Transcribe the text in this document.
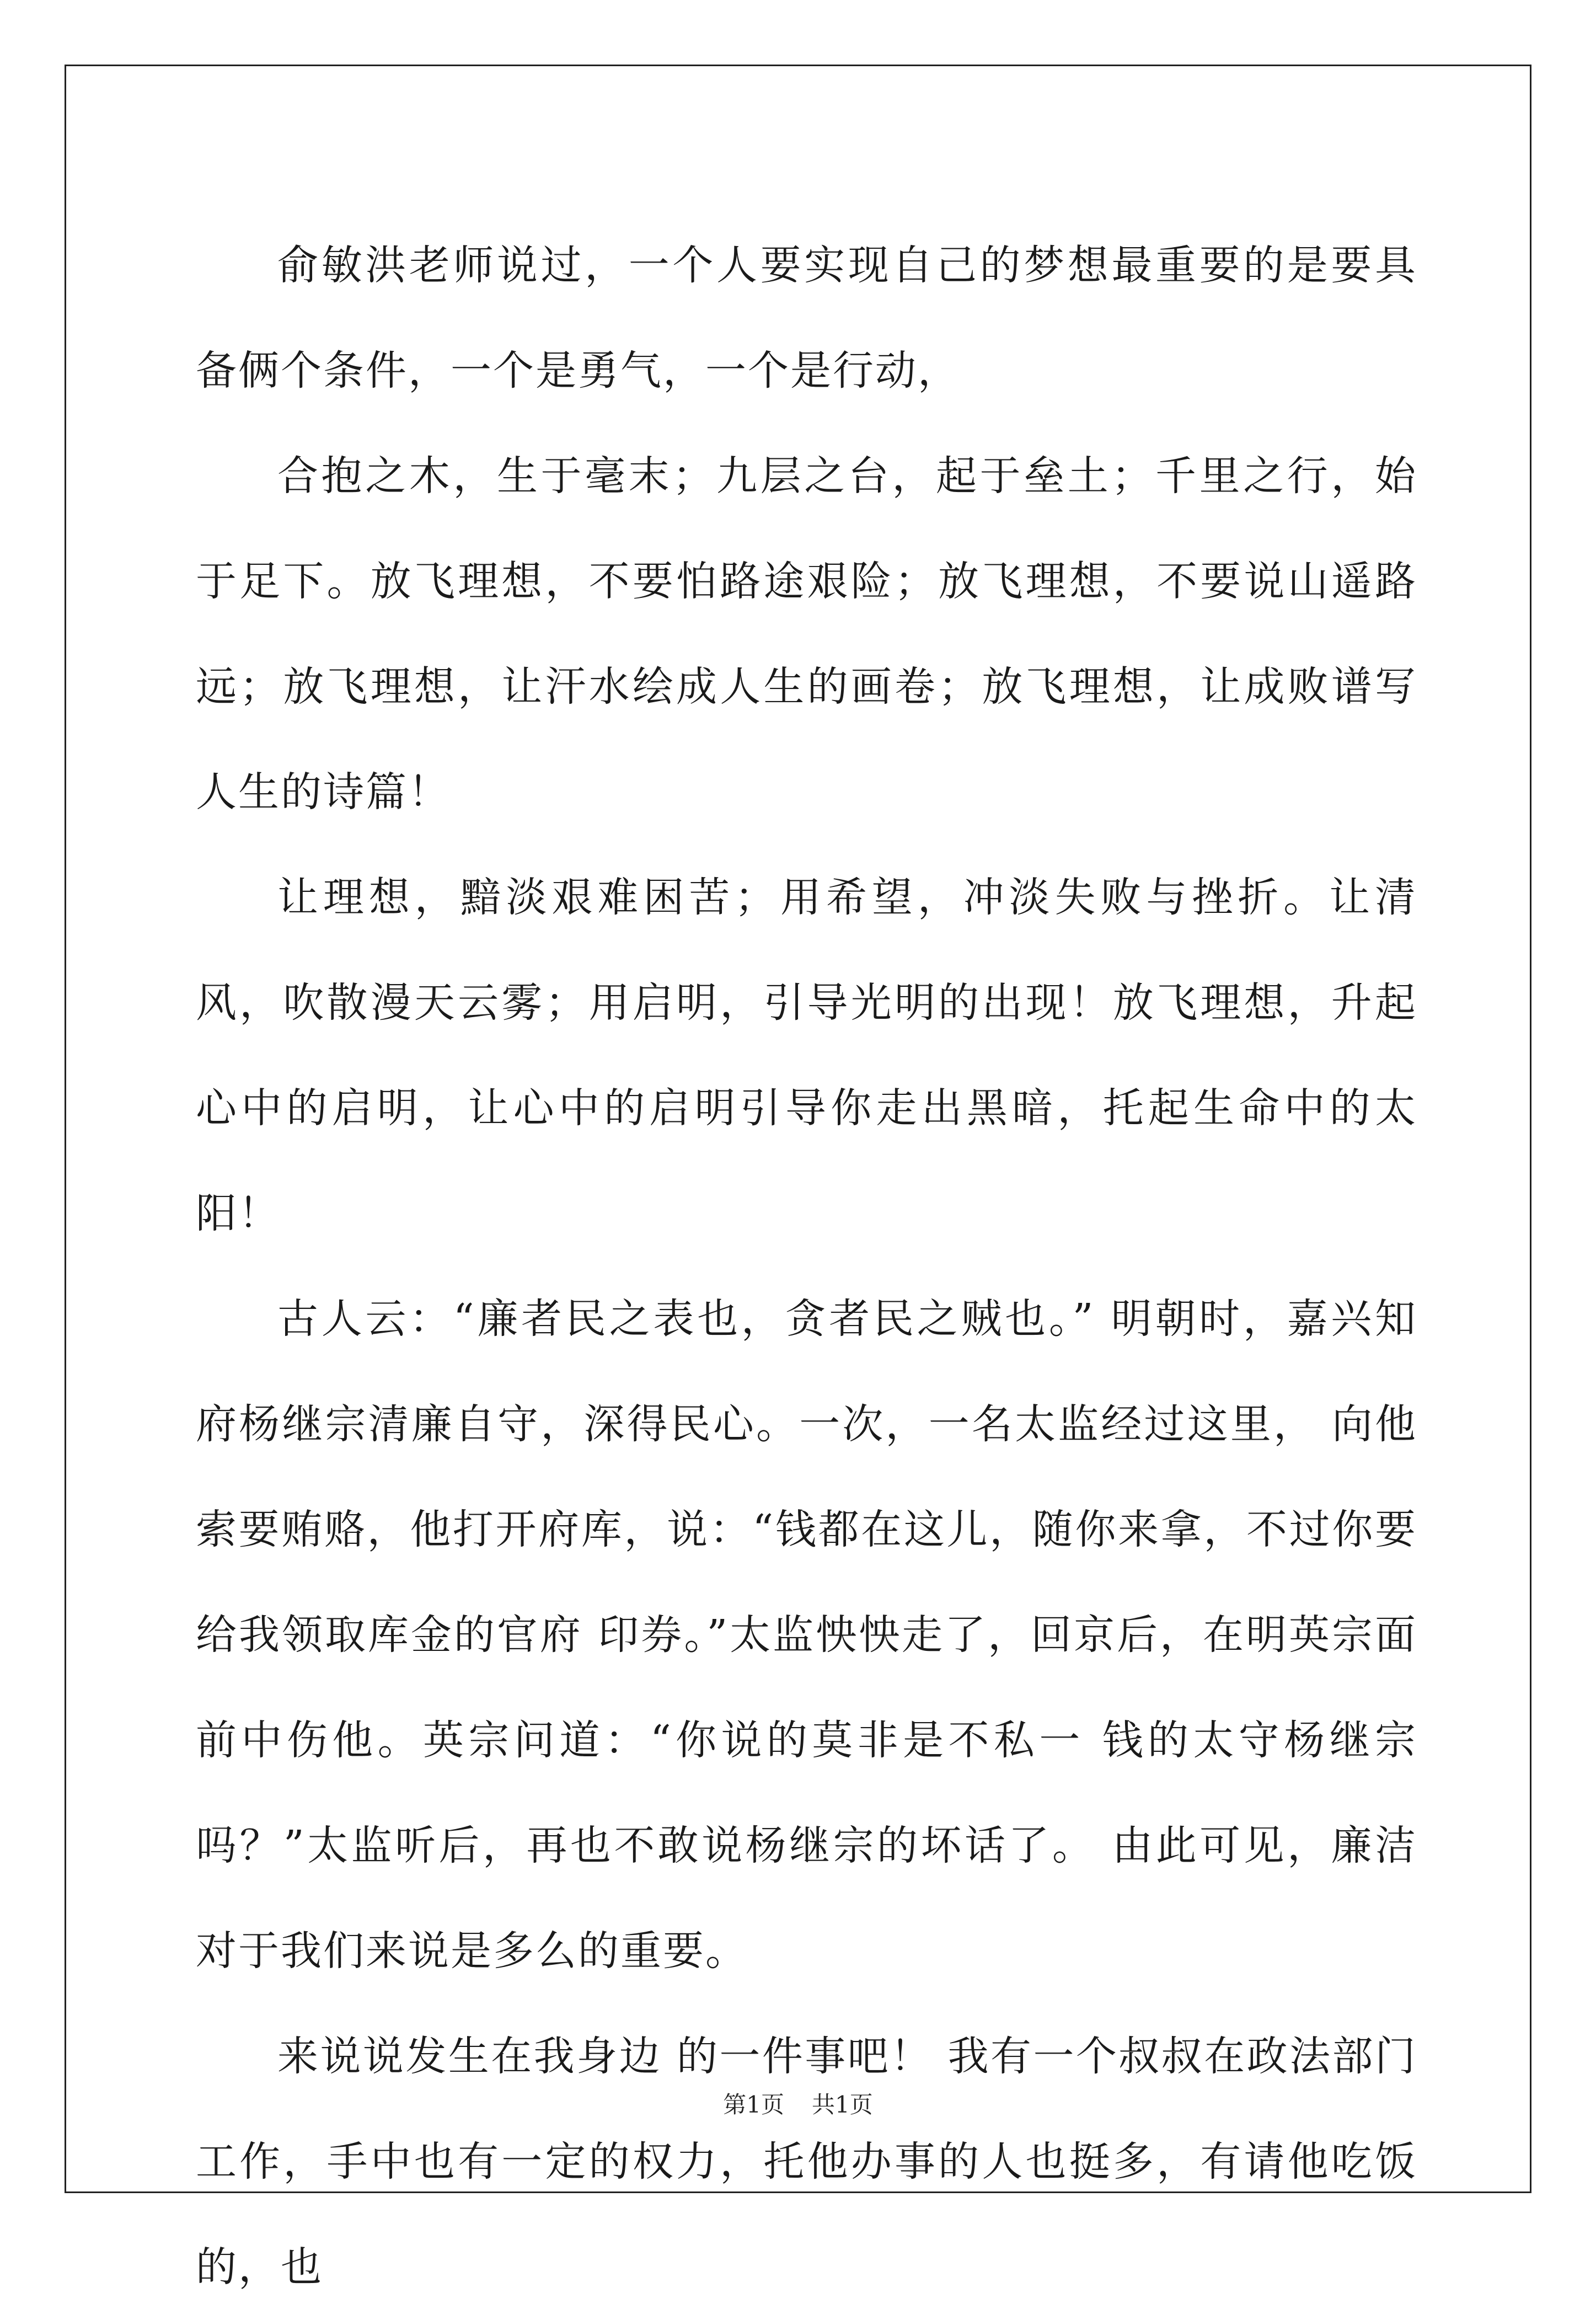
俞敏洪老师说过，一个人要实现自己的梦想最重要的是要具备俩个条件，一个是勇气，一个是行动，

合抱之木，生于毫末；九层之台，起于垒土；千里之行，始于足下。放飞理想，不要怕路途艰险；放飞理想，不要说山遥路远；放飞理想，让汗水绘成人生的画卷；放飞理想，让成败谱写人生的诗篇！

让理想，黯淡艰难困苦；用希望，冲淡失败与挫折。让清风，吹散漫天云雾；用启明，引导光明的出现！放飞理想，升起心中的启明，让心中的启明引导你走出黑暗，托起生命中的太阳！

古人云：“廉者民之表也，贪者民之贼也。” 明朝时，嘉兴知府杨继宗清廉自守，深得民心。一次，一名太监经过这里， 向他索要贿赂，他打开府库，说：“钱都在这儿，随你来拿，不过你要给我领取库金的官府 印券。”太监怏怏走了，回京后，在明英宗面前中伤他。英宗问道：“你说的莫非是不私一 钱的太守杨继宗吗？”太监听后，再也不敢说杨继宗的坏话了。 由此可见，廉洁对于我们来说是多么的重要。

来说说发生在我身边 的一件事吧！ 我有一个叔叔在政法部门工作，手中也有一定的权力，托他办事的人也挺多，有请他吃饭的，也

第1页 共1页
